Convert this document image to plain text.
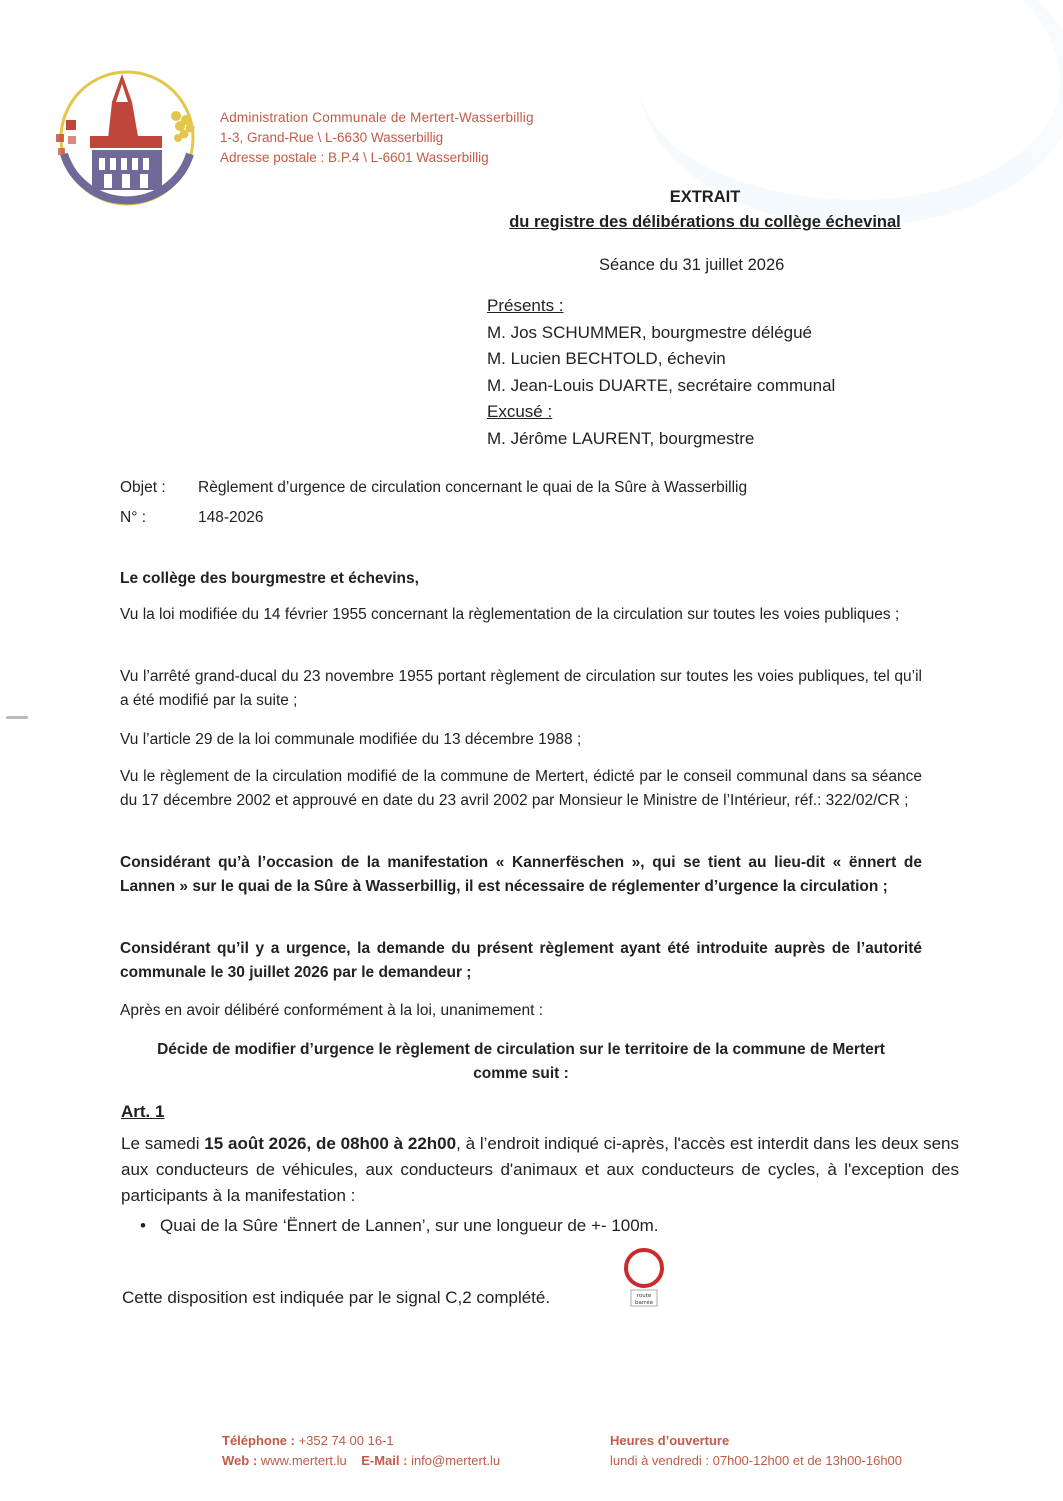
Administration Communale de Mertert-Wasserbillig
1-3, Grand-Rue \ L-6630 Wasserbillig
Adresse postale : B.P.4 \ L-6601 Wasserbillig
EXTRAIT
du registre des délibérations du collège échevinal
Séance du 31 juillet 2026
Présents :
M. Jos SCHUMMER, bourgmestre délégué
M. Lucien BECHTOLD, échevin
M. Jean-Louis DUARTE, secrétaire communal
Excusé :
M. Jérôme LAURENT, bourgmestre
Objet : Règlement d’urgence de circulation concernant le quai de la Sûre à Wasserbillig
N° :	148-2026
Le collège des bourgmestre et échevins,
Vu la loi modifiée du 14 février 1955 concernant la règlementation de la circulation sur toutes les voies publiques ;
Vu l’arrêté grand-ducal du 23 novembre 1955 portant règlement de circulation sur toutes les voies publiques, tel qu’il a été modifié par la suite ;
Vu l’article 29 de la loi communale modifiée du 13 décembre 1988 ;
Vu le règlement de la circulation modifié de la commune de Mertert, édicté par le conseil communal dans sa séance du 17 décembre 2002 et approuvé en date du 23 avril 2002 par Monsieur le Ministre de l’Intérieur, réf.: 322/02/CR ;
Considérant qu’à l’occasion de la manifestation « Kannerfëschen », qui se tient au lieu-dit « ënnert de Lannen » sur le quai de la Sûre à Wasserbillig, il est nécessaire de réglementer d’urgence la circulation ;
Considérant qu’il y a urgence, la demande du présent règlement ayant été introduite auprès de l’autorité communale le 30 juillet 2026 par le demandeur ;
Après en avoir délibéré conformément à la loi, unanimement :
Décide de modifier d’urgence le règlement de circulation sur le territoire de la commune de Mertert comme suit :
Art. 1
Le samedi 15 août 2026, de 08h00 à 22h00, à l’endroit indiqué ci-après, l'accès est interdit dans les deux sens aux conducteurs de véhicules, aux conducteurs d'animaux et aux conducteurs de cycles, à l'exception des participants à la manifestation :
• Quai de la Sûre ‘Ënnert de Lannen’, sur une longueur de +- 100m.
Cette disposition est indiquée par le signal C,2 complété.	route
barrée
Téléphone : +352 74 00 16-1
Web : www.mertert.lu E-Mail : info@mertert.lu
Heures d’ouverture
lundi à vendredi : 07h00-12h00 et de 13h00-16h00
